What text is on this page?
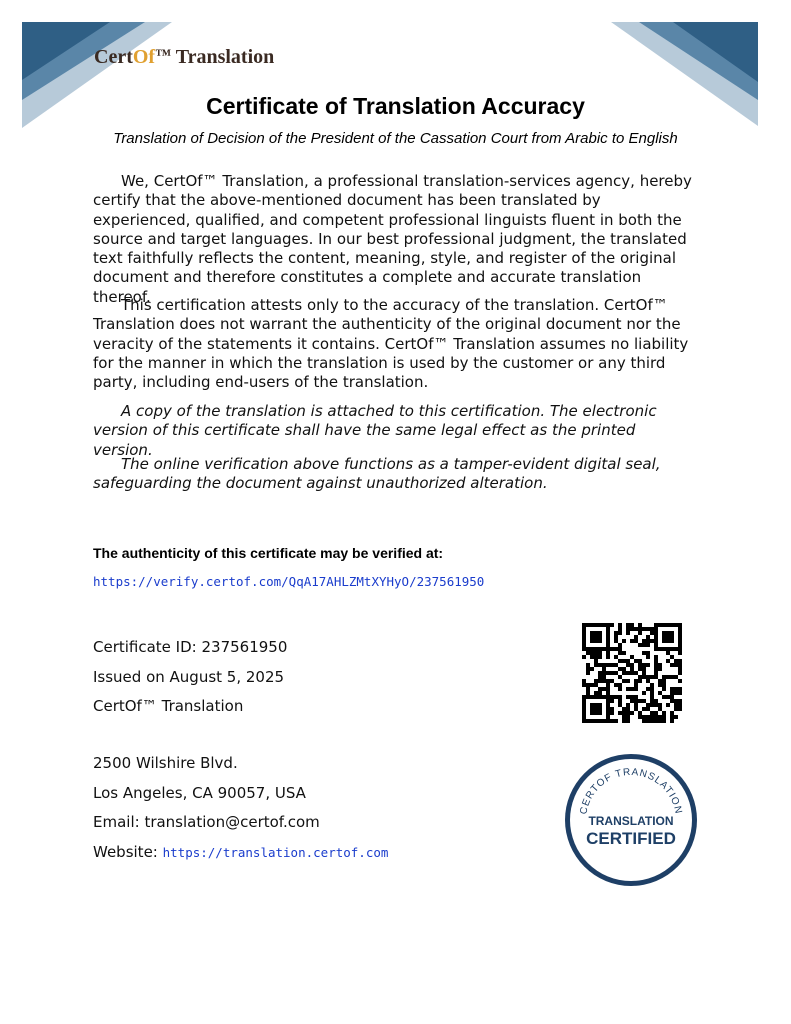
CertOf™ Translation
Certificate of Translation Accuracy

Translation of Decision of the President of the Cassation Court from Arabic to English

We, CertOf™ Translation, a professional translation-services agency, hereby certify that the above-mentioned document has been translated by experienced, qualified, and competent professional linguists fluent in both the source and target languages. In our best professional judgment, the translated text faithfully reflects the content, meaning, style, and register of the original document and therefore constitutes a complete and accurate translation thereof.

This certification attests only to the accuracy of the translation. CertOf™ Translation does not warrant the authenticity of the original document nor the veracity of the statements it contains. CertOf™ Translation assumes no liability for the manner in which the translation is used by the customer or any third party, including end-users of the translation.

A copy of the translation is attached to this certification. The electronic version of this certificate shall have the same legal effect as the printed version.

The online verification above functions as a tamper-evident digital seal, safeguarding the document against unauthorized alteration.

The authenticity of this certificate may be verified at:

https://verify.certof.com/QqA17AHLZMtXYHyO/237561950

Certificate ID: 237561950

Issued on August 5, 2025

CertOf™ Translation

2500 Wilshire Blvd.

Los Angeles, CA 90057, USA

Email: translation@certof.com

Website: https://translation.certof.com

CERTOF TRANSLATION
TRANSLATION
CERTIFIED
